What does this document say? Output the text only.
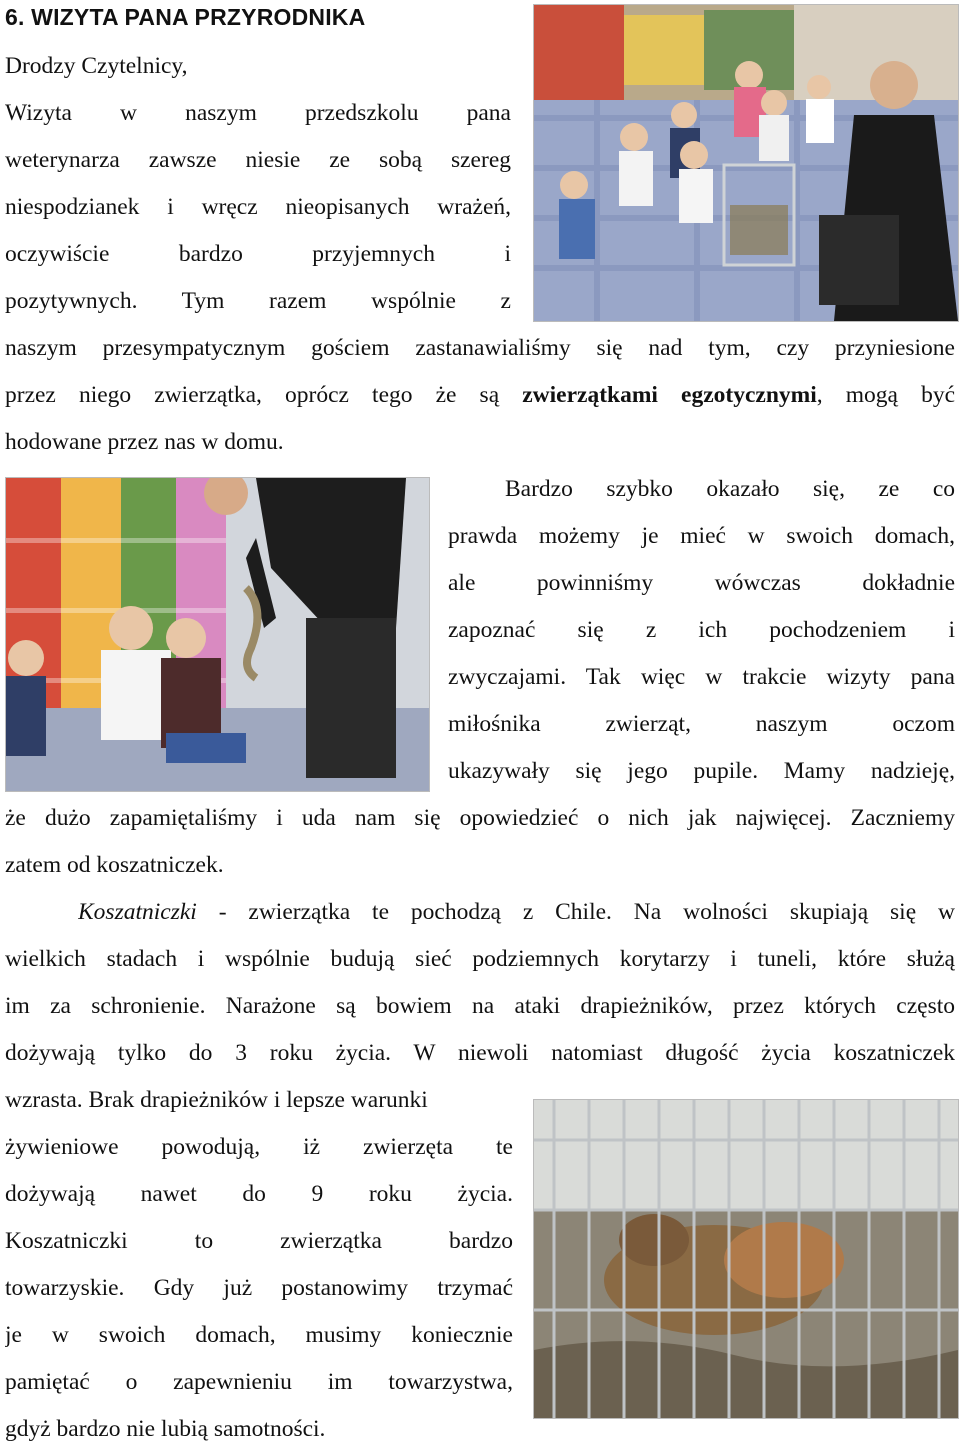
6. WIZYTA PANA PRZYRODNIKA
Drodzy Czytelnicy,
Wizyta w naszym przedszkolu pana
weterynarza zawsze niesie ze sobą szereg
niespodzianek i wręcz nieopisanych wrażeń,
oczywiście bardzo przyjemnych i
pozytywnych. Tym razem wspólnie z
naszym przesympatycznym gościem zastanawialiśmy się nad tym, czy przyniesione
przez niego zwierzątka, oprócz tego że są zwierzątkami egzotycznymi, mogą być
hodowane przez nas w domu.
Bardzo szybko okazało się, ze co
prawda możemy je mieć w swoich domach,
ale powinniśmy wówczas dokładnie
zapoznać się z ich pochodzeniem i
zwyczajami. Tak więc w trakcie wizyty pana
miłośnika zwierząt, naszym oczom
ukazywały się jego pupile. Mamy nadzieję,
że dużo zapamiętaliśmy i uda nam się opowiedzieć o nich jak najwięcej. Zaczniemy
zatem od koszatniczek.
Koszatniczki - zwierzątka te pochodzą z Chile. Na wolności skupiają się w
wielkich stadach i wspólnie budują sieć podziemnych korytarzy i tuneli, które służą
im za schronienie. Narażone są bowiem na ataki drapieżników, przez których często
dożywają tylko do 3 roku życia. W niewoli natomiast długość życia koszatniczek
wzrasta. Brak drapieżników i lepsze warunki
żywieniowe powodują, iż zwierzęta te
dożywają nawet do 9 roku życia.
Koszatniczki to zwierzątka bardzo
towarzyskie. Gdy już postanowimy trzymać
je w swoich domach, musimy koniecznie
pamiętać o zapewnieniu im towarzystwa,
gdyż bardzo nie lubią samotności.
